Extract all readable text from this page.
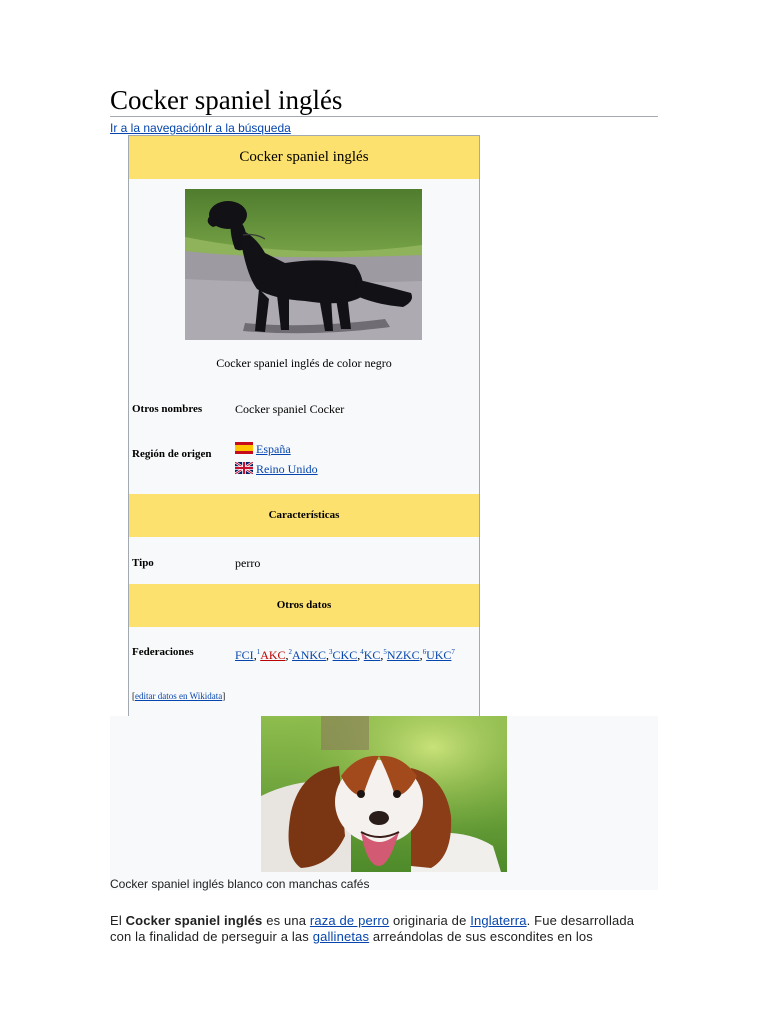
Cocker spaniel inglés
Ir a la navegaciónIr a la búsqueda
Cocker spaniel inglés
Cocker spaniel inglés de color negro
Otros nombres	Cocker spaniel Cocker
Región de origen	España
Reino Unido
Características
Tipo	perro
Otros datos
Federaciones	FCI,$^1$AKC,$^2$ANKC,$^3$CKC,$^4$KC,$^5$NZKC,$^6$UKC$^7$
[editar datos en Wikidata]
Cocker spaniel inglés blanco con manchas cafés

El Cocker spaniel inglés es una raza de perro originaria de Inglaterra. Fue desarrollada con la finalidad de perseguir a las gallinetas arreándolas de sus escondites en los
